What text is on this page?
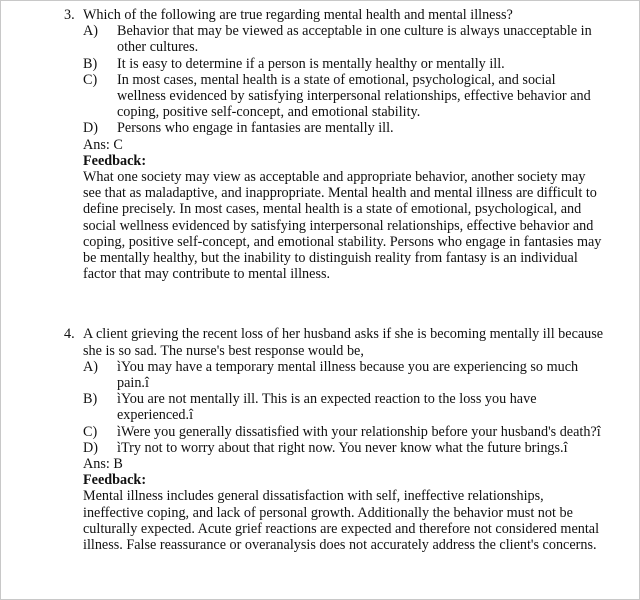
3. Which of the following are true regarding mental health and mental illness?
A)	Behavior that may be viewed as acceptable in one culture is always unacceptable in other cultures.
B)	It is easy to determine if a person is mentally healthy or mentally ill.
C)	In most cases, mental health is a state of emotional, psychological, and social wellness evidenced by satisfying interpersonal relationships, effective behavior and coping, positive self-concept, and emotional stability.
D)	Persons who engage in fantasies are mentally ill.
Ans: C
Feedback:
What one society may view as acceptable and appropriate behavior, another society may see that as maladaptive, and inappropriate. Mental health and mental illness are difficult to define precisely. In most cases, mental health is a state of emotional, psychological, and social wellness evidenced by satisfying interpersonal relationships, effective behavior and coping, positive self-concept, and emotional stability. Persons who engage in fantasies may be mentally healthy, but the inability to distinguish reality from fantasy is an individual factor that may contribute to mental illness.
4. A client grieving the recent loss of her husband asks if she is becoming mentally ill because she is so sad. The nurse's best response would be,
A)	ìYou may have a temporary mental illness because you are experiencing so much pain.î
B)	ìYou are not mentally ill. This is an expected reaction to the loss you have experienced.î
C)	ìWere you generally dissatisfied with your relationship before your husband's death?î
D)	ìTry not to worry about that right now. You never know what the future brings.î
Ans: B
Feedback:
Mental illness includes general dissatisfaction with self, ineffective relationships, ineffective coping, and lack of personal growth. Additionally the behavior must not be culturally expected. Acute grief reactions are expected and therefore not considered mental illness. False reassurance or overanalysis does not accurately address the client's concerns.
